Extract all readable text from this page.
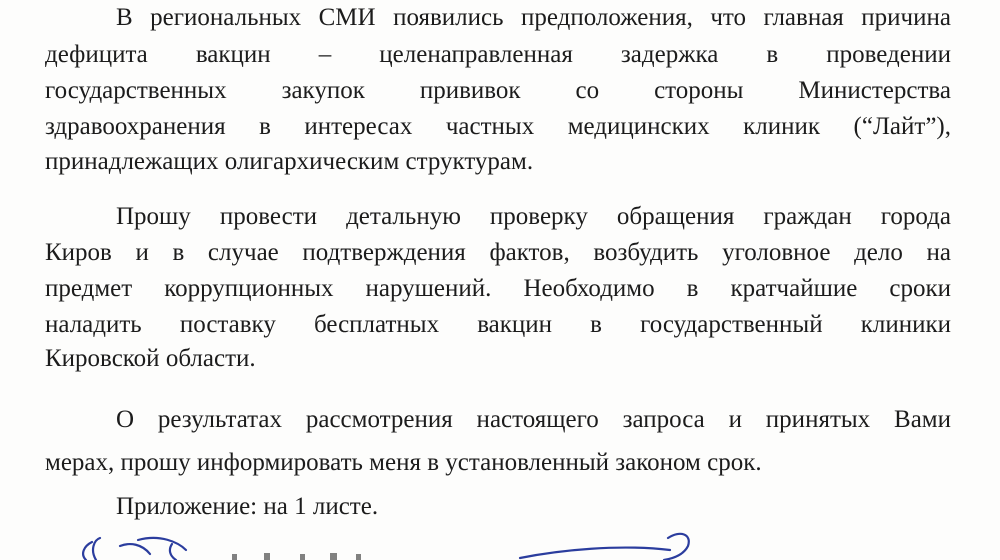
В региональных СМИ появились предположения, что главная причина
дефицита вакцин – целенаправленная задержка в проведении
государственных закупок прививок со стороны Министерства
здравоохранения в интересах частных медицинских клиник (“Лайт”),
принадлежащих олигархическим структурам.
Прошу провести детальную проверку обращения граждан города
Киров и в случае подтверждения фактов, возбудить уголовное дело на
предмет коррупционных нарушений. Необходимо в кратчайшие сроки
наладить поставку бесплатных вакцин в государственный клиники
Кировской области.
О результатах рассмотрения настоящего запроса и принятых Вами
мерах, прошу информировать меня в установленный законом срок.
Приложение: на 1 листе.
